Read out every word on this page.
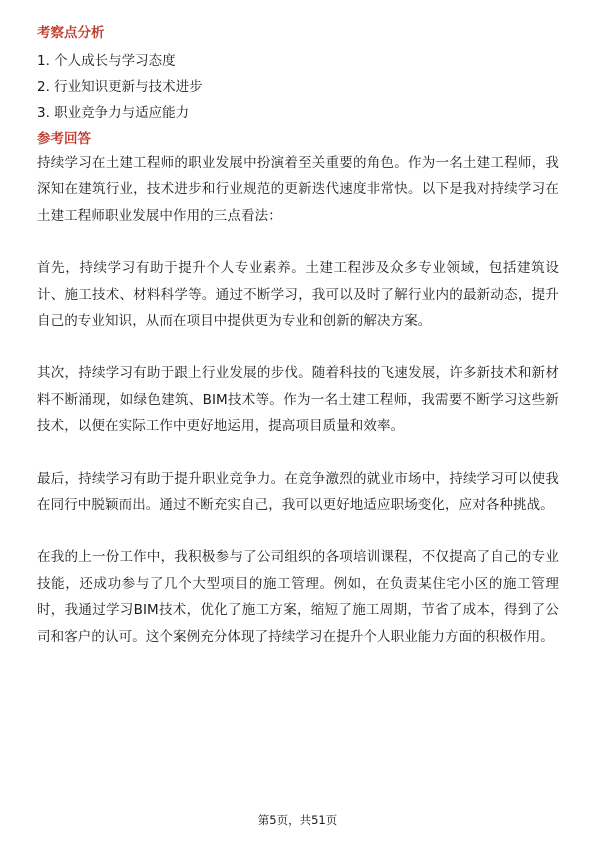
考察点分析
1. 个人成长与学习态度
2. 行业知识更新与技术进步
3. 职业竞争力与适应能力
参考回答

持续学习在土建工程师的职业发展中扮演着至关重要的角色。作为一名土建工程师，我深知在建筑行业，技术进步和行业规范的更新迭代速度非常快。以下是我对持续学习在土建工程师职业发展中作用的三点看法：

首先，持续学习有助于提升个人专业素养。土建工程涉及众多专业领域，包括建筑设计、施工技术、材料科学等。通过不断学习，我可以及时了解行业内的最新动态，提升自己的专业知识，从而在项目中提供更为专业和创新的解决方案。

其次，持续学习有助于跟上行业发展的步伐。随着科技的飞速发展，许多新技术和新材料不断涌现，如绿色建筑、BIM技术等。作为一名土建工程师，我需要不断学习这些新技术，以便在实际工作中更好地运用，提高项目质量和效率。

最后，持续学习有助于提升职业竞争力。在竞争激烈的就业市场中，持续学习可以使我在同行中脱颖而出。通过不断充实自己，我可以更好地适应职场变化，应对各种挑战。

在我的上一份工作中，我积极参与了公司组织的各项培训课程，不仅提高了自己的专业技能，还成功参与了几个大型项目的施工管理。例如，在负责某住宅小区的施工管理时，我通过学习BIM技术，优化了施工方案，缩短了施工周期，节省了成本，得到了公司和客户的认可。这个案例充分体现了持续学习在提升个人职业能力方面的积极作用。

第5页，共51页
